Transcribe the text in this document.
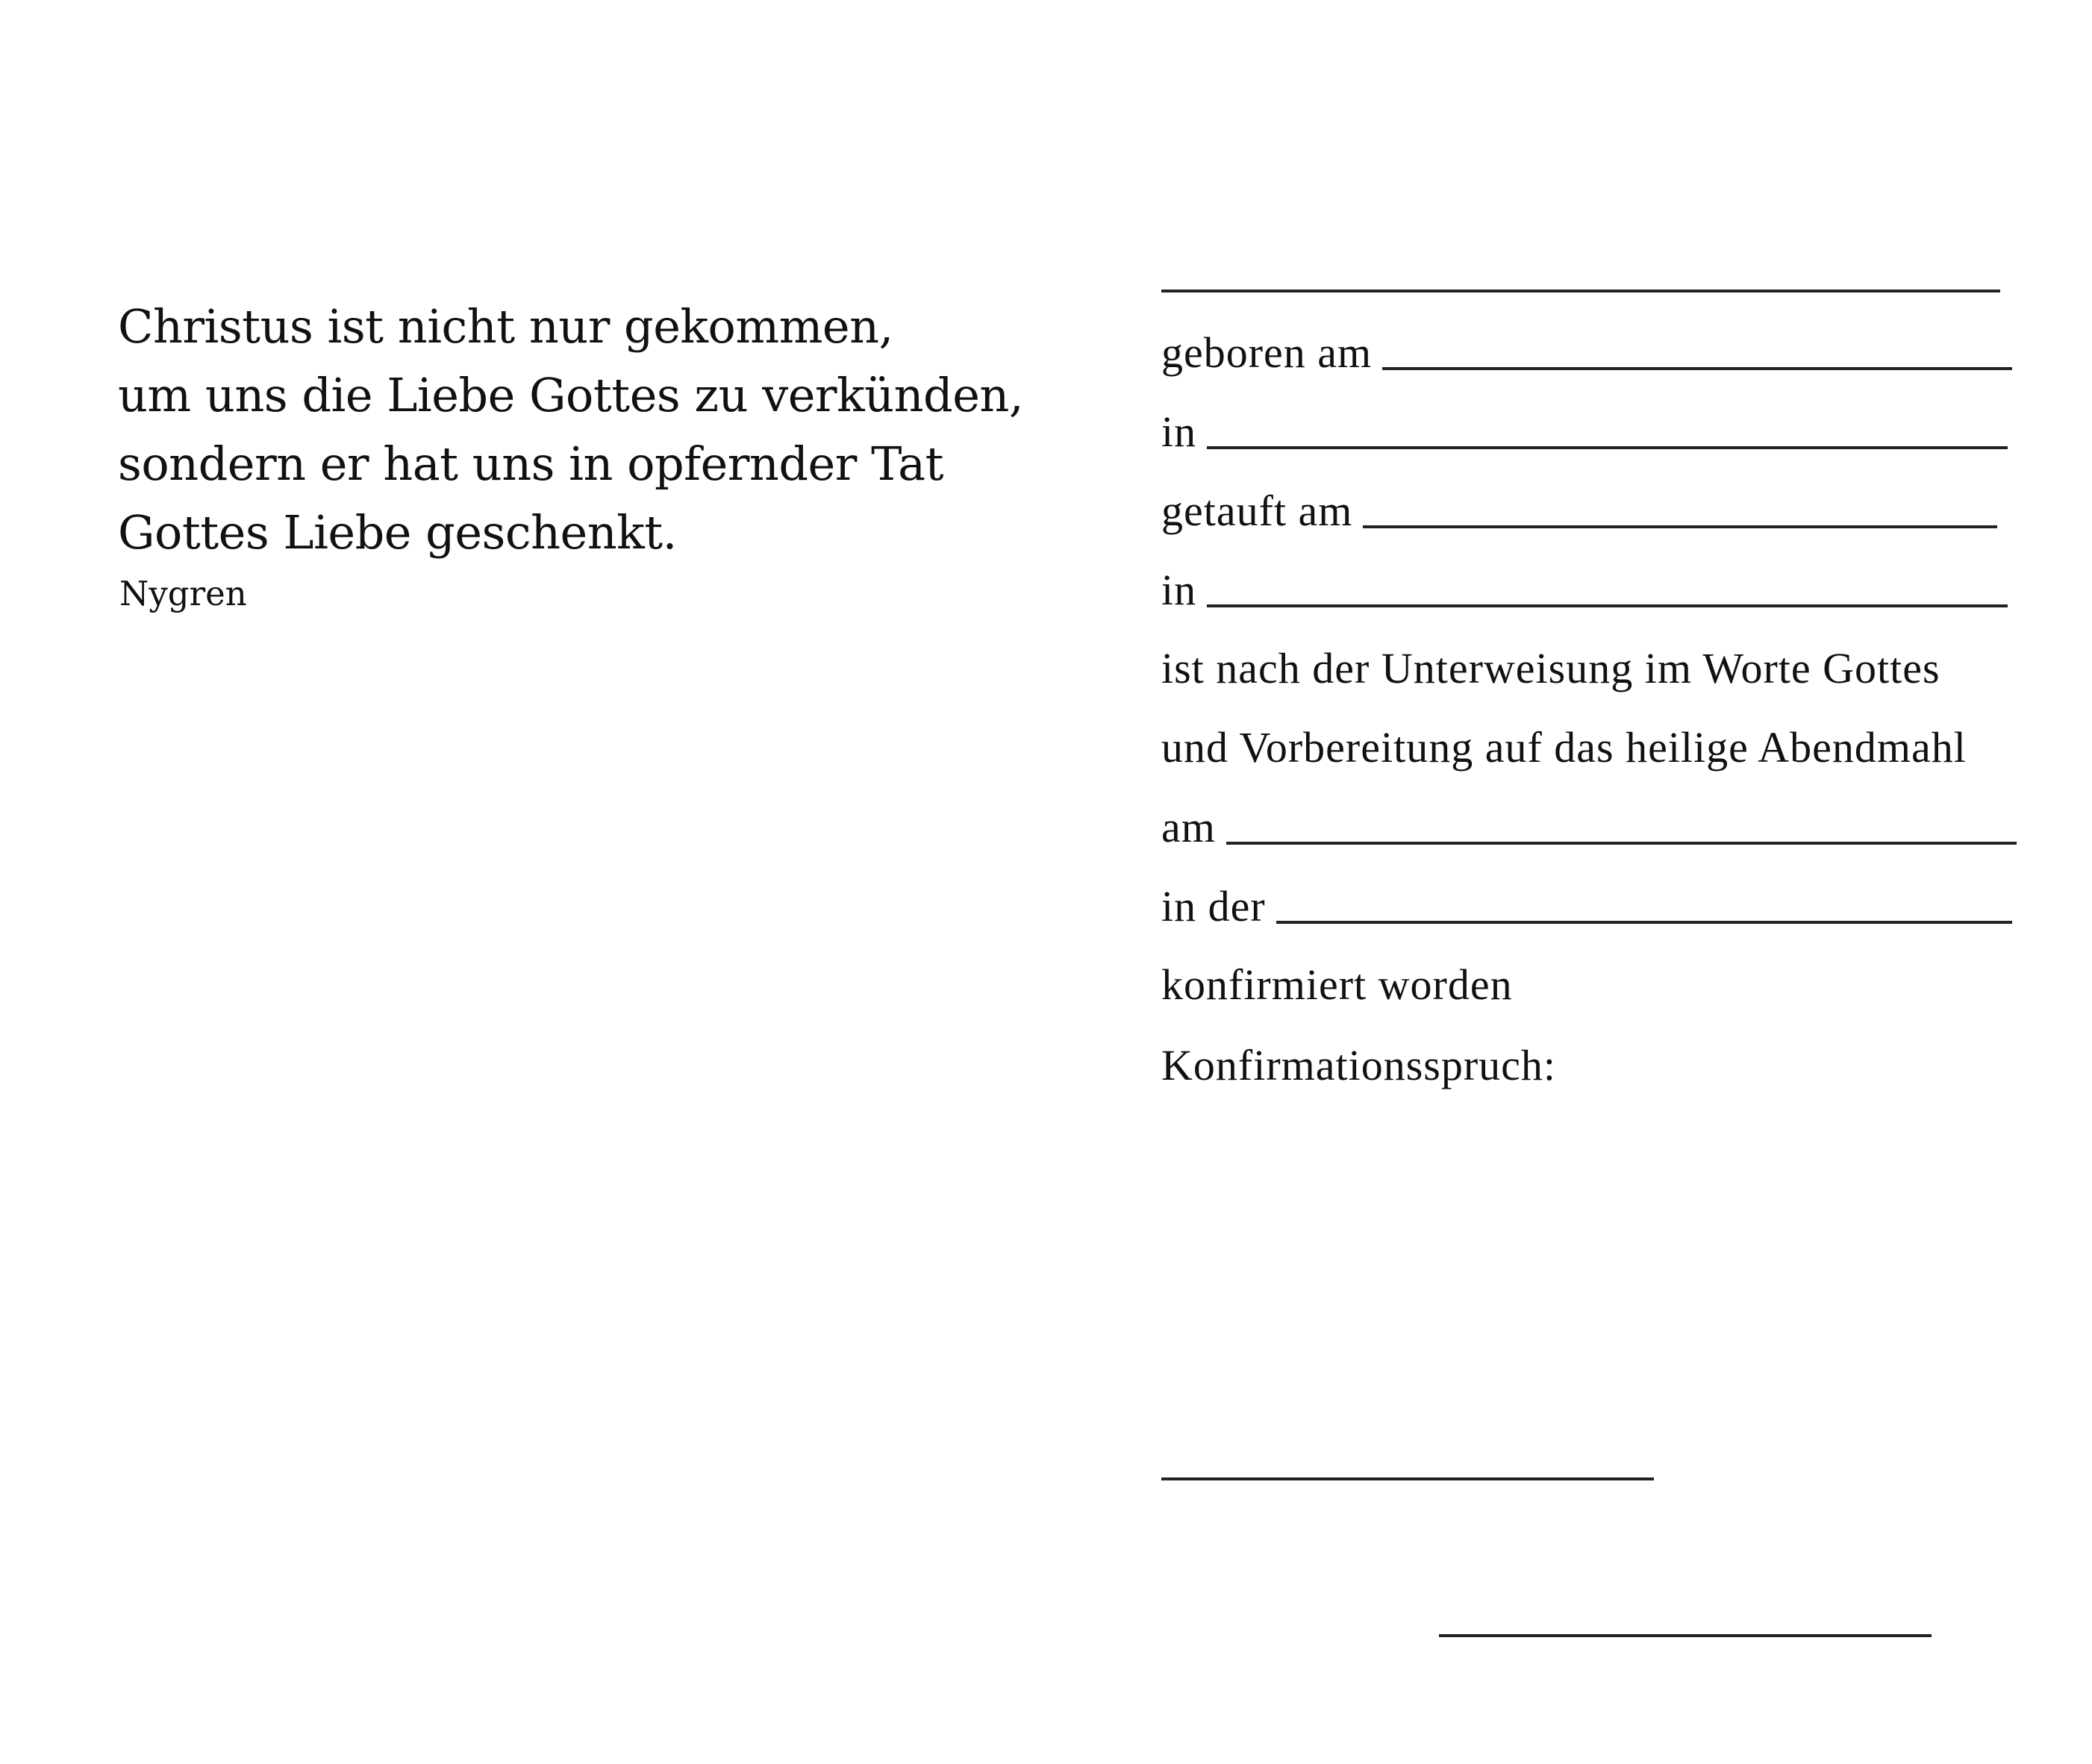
Christus ist nicht nur gekommen,
um uns die Liebe Gottes zu verkünden,
sondern er hat uns in opfernder Tat
Gottes Liebe geschenkt.
Nygren
geboren am
in
getauft am
in
ist nach der Unterweisung im Worte Gottes
und Vorbereitung auf das heilige Abendmahl
am
in der
konfirmiert worden
Konfirmationsspruch:
